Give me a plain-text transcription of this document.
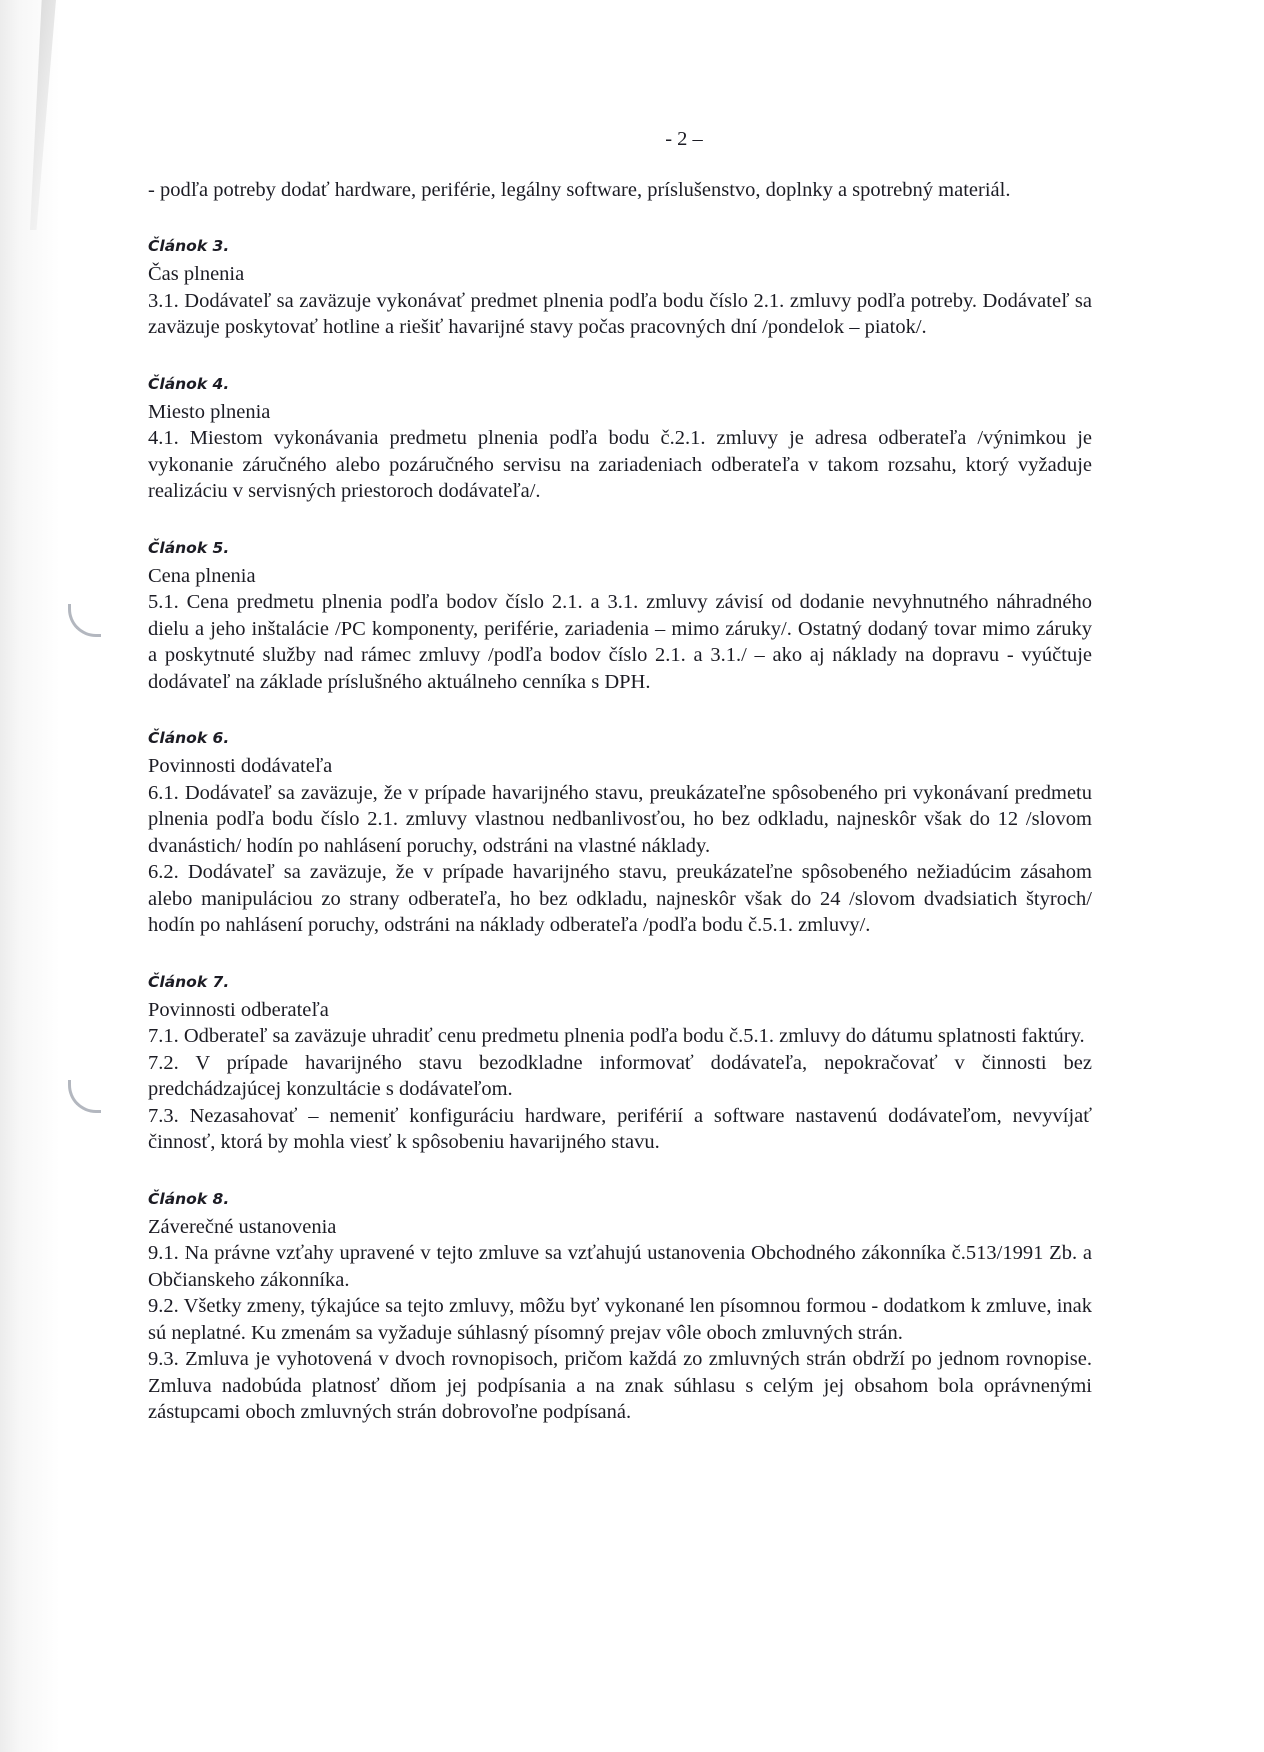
- 2 –

- podľa potreby dodať hardware, periférie, legálny software, príslušenstvo, doplnky a spotrebný materiál.

Článok 3.
Čas plnenia

3.1. Dodávateľ sa zaväzuje vykonávať predmet plnenia podľa bodu číslo 2.1. zmluvy podľa potreby. Dodávateľ sa zaväzuje poskytovať hotline a riešiť havarijné stavy počas pracovných dní /pondelok – piatok/.

Článok 4.
Miesto plnenia

4.1. Miestom vykonávania predmetu plnenia podľa bodu č.2.1. zmluvy je adresa odberateľa /výnimkou je vykonanie záručného alebo pozáručného servisu na zariadeniach odberateľa v takom rozsahu, ktorý vyžaduje realizáciu v servisných priestoroch dodávateľa/.

Článok 5.
Cena plnenia

5.1. Cena predmetu plnenia podľa bodov číslo 2.1. a 3.1. zmluvy závisí od dodanie nevyhnutného náhradného dielu a jeho inštalácie /PC komponenty, periférie, zariadenia – mimo záruky/. Ostatný dodaný tovar mimo záruky a poskytnuté služby nad rámec zmluvy /podľa bodov číslo 2.1. a 3.1./ – ako aj náklady na dopravu - vyúčtuje dodávateľ na základe príslušného aktuálneho cenníka s DPH.

Článok 6.
Povinnosti dodávateľa

6.1. Dodávateľ sa zaväzuje, že v prípade havarijného stavu, preukázateľne spôsobeného pri vykonávaní predmetu plnenia podľa bodu číslo 2.1. zmluvy vlastnou nedbanlivosťou, ho bez odkladu, najneskôr však do 12 /slovom dvanástich/ hodín po nahlásení poruchy, odstráni na vlastné náklady.

6.2. Dodávateľ sa zaväzuje, že v prípade havarijného stavu, preukázateľne spôsobeného nežiadúcim zásahom alebo manipuláciou zo strany odberateľa, ho bez odkladu, najneskôr však do 24 /slovom dvadsiatich štyroch/ hodín po nahlásení poruchy, odstráni na náklady odberateľa /podľa bodu č.5.1. zmluvy/.

Článok 7.
Povinnosti odberateľa

7.1. Odberateľ sa zaväzuje uhradiť cenu predmetu plnenia podľa bodu č.5.1. zmluvy do dátumu splatnosti faktúry.

7.2. V prípade havarijného stavu bezodkladne informovať dodávateľa, nepokračovať v činnosti bez predchádzajúcej konzultácie s dodávateľom.

7.3. Nezasahovať – nemeniť konfiguráciu hardware, periférií a software nastavenú dodávateľom, nevyvíjať činnosť, ktorá by mohla viesť k spôsobeniu havarijného stavu.

Článok 8.
Záverečné ustanovenia

9.1. Na právne vzťahy upravené v tejto zmluve sa vzťahujú ustanovenia Obchodného zákonníka č.513/1991 Zb. a Občianskeho zákonníka.

9.2. Všetky zmeny, týkajúce sa tejto zmluvy, môžu byť vykonané len písomnou formou - dodatkom k zmluve, inak sú neplatné. Ku zmenám sa vyžaduje súhlasný písomný prejav vôle oboch zmluvných strán.

9.3. Zmluva je vyhotovená v dvoch rovnopisoch, pričom každá zo zmluvných strán obdrží po jednom rovnopise. Zmluva nadobúda platnosť dňom jej podpísania a na znak súhlasu s celým jej obsahom bola oprávnenými zástupcami oboch zmluvných strán dobrovoľne podpísaná.
